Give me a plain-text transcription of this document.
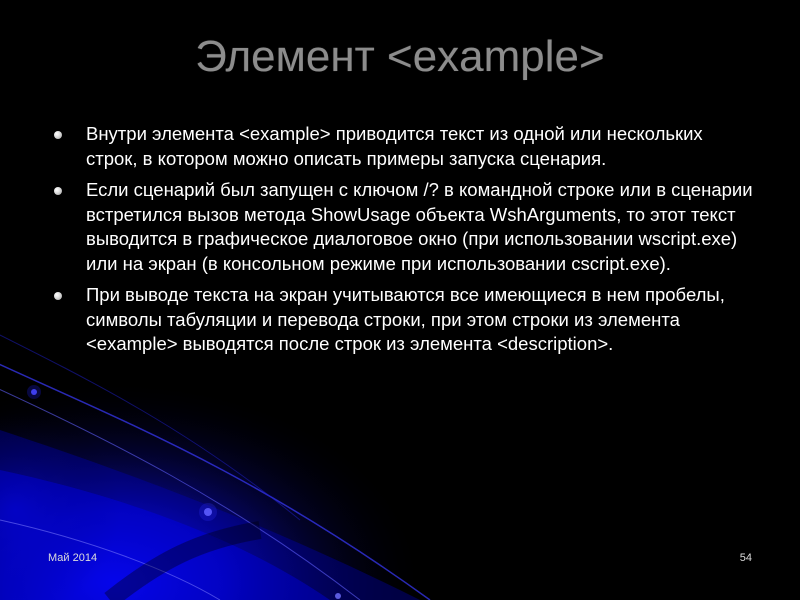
Элемент <example>
Внутри элемента <example> приводится текст из одной или нескольких строк, в котором можно описать примеры запуска сценария.
Если сценарий был запущен с ключом /? в командной строке или в сценарии встретился вызов метода ShowUsage объекта WshArguments, то этот текст выводится в графическое диалоговое окно (при использовании wscript.exe) или на экран (в консольном режиме при использовании cscript.exe).
При выводе текста на экран учитываются все имеющиеся в нем пробелы, символы табуляции и перевода строки, при этом строки из элемента <example> выводятся после строк из элемента <description>.
Май 2014	54
